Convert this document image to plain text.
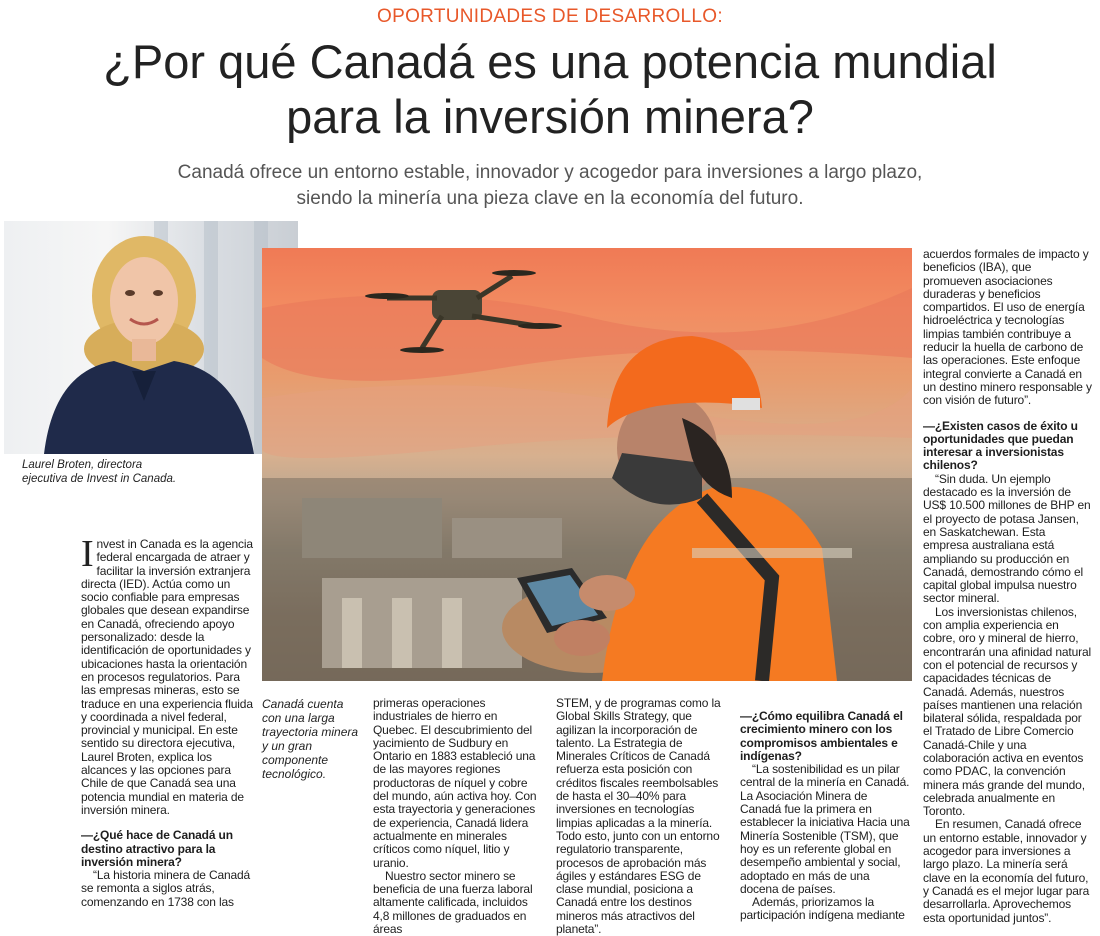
OPORTUNIDADES DE DESARROLLO:
¿Por qué Canadá es una potencia mundial
para la inversión minera?
Canadá ofrece un entorno estable, innovador y acogedor para inversiones a largo plazo,
siendo la minería una pieza clave en la economía del futuro.
Laurel Broten, directora
ejecutiva de Invest in Canada.
Canadá cuenta con una larga trayectoria minera y un gran componente tecnológico.

Invest in Canada es la agencia federal encargada de atraer y facilitar la inversión extranjera directa (IED). Actúa como un socio confiable para empresas globales que desean expandirse en Canadá, ofreciendo apoyo personalizado: desde la identificación de oportunidades y ubicaciones hasta la orientación en procesos regulatorios. Para las empresas mineras, esto se traduce en una experiencia fluida y coordinada a nivel federal, provincial y municipal. En este sentido su directora ejecutiva, Laurel Broten, explica los alcances y las opciones para Chile de que Canadá sea una potencia mundial en materia de inversión minera.

—¿Qué hace de Canadá un destino atractivo para la inversión minera?

“La historia minera de Canadá se remonta a siglos atrás, comenzando en 1738 con las

primeras operaciones industriales de hierro en Quebec. El descubrimiento del yacimiento de Sudbury en Ontario en 1883 estableció una de las mayores regiones productoras de níquel y cobre del mundo, aún activa hoy. Con esta trayectoria y generaciones de experiencia, Canadá lidera actualmente en minerales críticos como níquel, litio y uranio.

Nuestro sector minero se beneficia de una fuerza laboral altamente calificada, incluidos 4,8 millones de graduados en áreas

STEM, y de programas como la Global Skills Strategy, que agilizan la incorporación de talento. La Estrategia de Minerales Críticos de Canadá refuerza esta posición con créditos fiscales reembolsables de hasta el 30–40% para inversiones en tecnologías limpias aplicadas a la minería. Todo esto, junto con un entorno regulatorio transparente, procesos de aprobación más ágiles y estándares ESG de clase mundial, posiciona a Canadá entre los destinos mineros más atractivos del planeta”.

—¿Cómo equilibra Canadá el crecimiento minero con los compromisos ambientales e indígenas?

“La sostenibilidad es un pilar central de la minería en Canadá. La Asociación Minera de Canadá fue la primera en establecer la iniciativa Hacia una Minería Sostenible (TSM), que hoy es un referente global en desempeño ambiental y social, adoptado en más de una docena de países.

Además, priorizamos la participación indígena mediante

acuerdos formales de impacto y beneficios (IBA), que promueven asociaciones duraderas y beneficios compartidos. El uso de energía hidroeléctrica y tecnologías limpias también contribuye a reducir la huella de carbono de las operaciones. Este enfoque integral convierte a Canadá en un destino minero responsable y con visión de futuro”.

—¿Existen casos de éxito u oportunidades que puedan interesar a inversionistas chilenos?

“Sin duda. Un ejemplo destacado es la inversión de US$ 10.500 millones de BHP en el proyecto de potasa Jansen, en Saskatchewan. Esta empresa australiana está ampliando su producción en Canadá, demostrando cómo el capital global impulsa nuestro sector mineral.

Los inversionistas chilenos, con amplia experiencia en cobre, oro y mineral de hierro, encontrarán una afinidad natural con el potencial de recursos y capacidades técnicas de Canadá. Además, nuestros países mantienen una relación bilateral sólida, respaldada por el Tratado de Libre Comercio Canadá-Chile y una colaboración activa en eventos como PDAC, la convención minera más grande del mundo, celebrada anualmente en Toronto.

En resumen, Canadá ofrece un entorno estable, innovador y acogedor para inversiones a largo plazo. La minería será clave en la economía del futuro, y Canadá es el mejor lugar para desarrollarla. Aprovechemos esta oportunidad juntos”.
